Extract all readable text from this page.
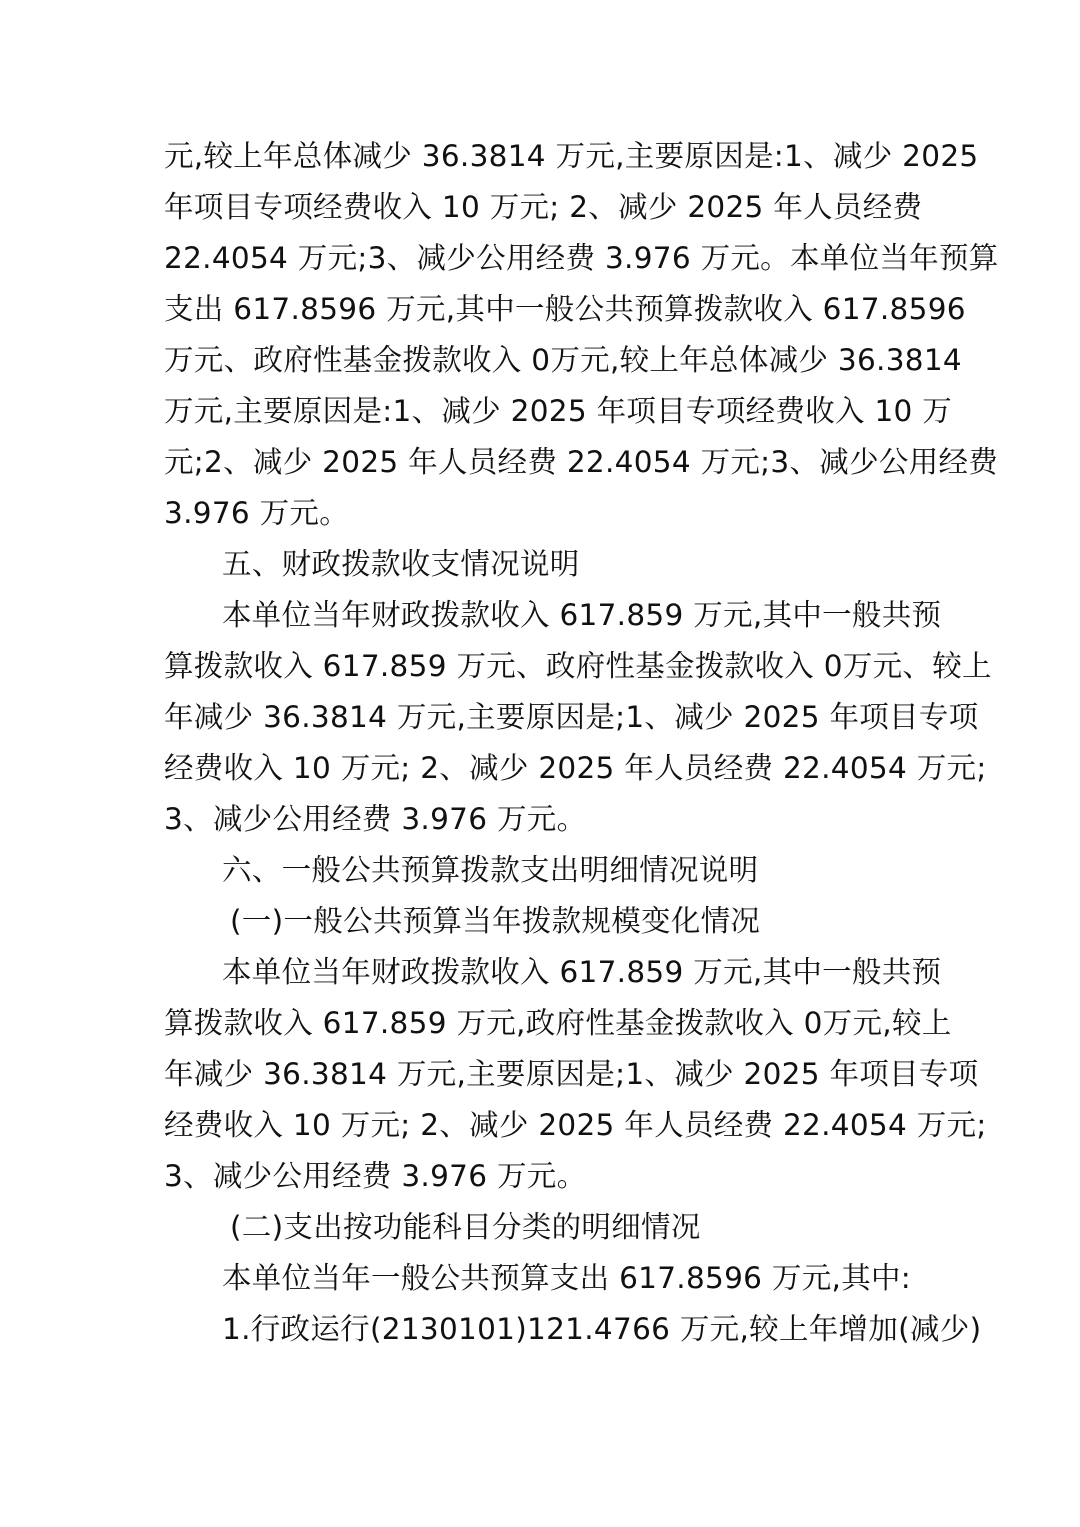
元,较上年总体减少 36.3814 万元,主要原因是:1、减少 2025
年项目专项经费收入 10 万元; 2、减少 2025 年人员经费
22.4054 万元;3、减少公用经费 3.976 万元。本单位当年预算
支出 617.8596 万元,其中一般公共预算拨款收入 617.8596
万元、政府性基金拨款收入 0万元,较上年总体减少 36.3814
万元,主要原因是:1、减少 2025 年项目专项经费收入 10 万
元;2、减少 2025 年人员经费 22.4054 万元;3、减少公用经费
3.976 万元。
五、财政拨款收支情况说明
本单位当年财政拨款收入 617.859 万元,其中一般共预
算拨款收入 617.859 万元、政府性基金拨款收入 0万元、较上
年减少 36.3814 万元,主要原因是;1、减少 2025 年项目专项
经费收入 10 万元; 2、减少 2025 年人员经费 22.4054 万元;
3、减少公用经费 3.976 万元。
六、一般公共预算拨款支出明细情况说明
(一)一般公共预算当年拨款规模变化情况
本单位当年财政拨款收入 617.859 万元,其中一般共预
算拨款收入 617.859 万元,政府性基金拨款收入 0万元,较上
年减少 36.3814 万元,主要原因是;1、减少 2025 年项目专项
经费收入 10 万元; 2、减少 2025 年人员经费 22.4054 万元;
3、减少公用经费 3.976 万元。
(二)支出按功能科目分类的明细情况
本单位当年一般公共预算支出 617.8596 万元,其中:
1.行政运行(2130101)121.4766 万元,较上年增加(减少)
